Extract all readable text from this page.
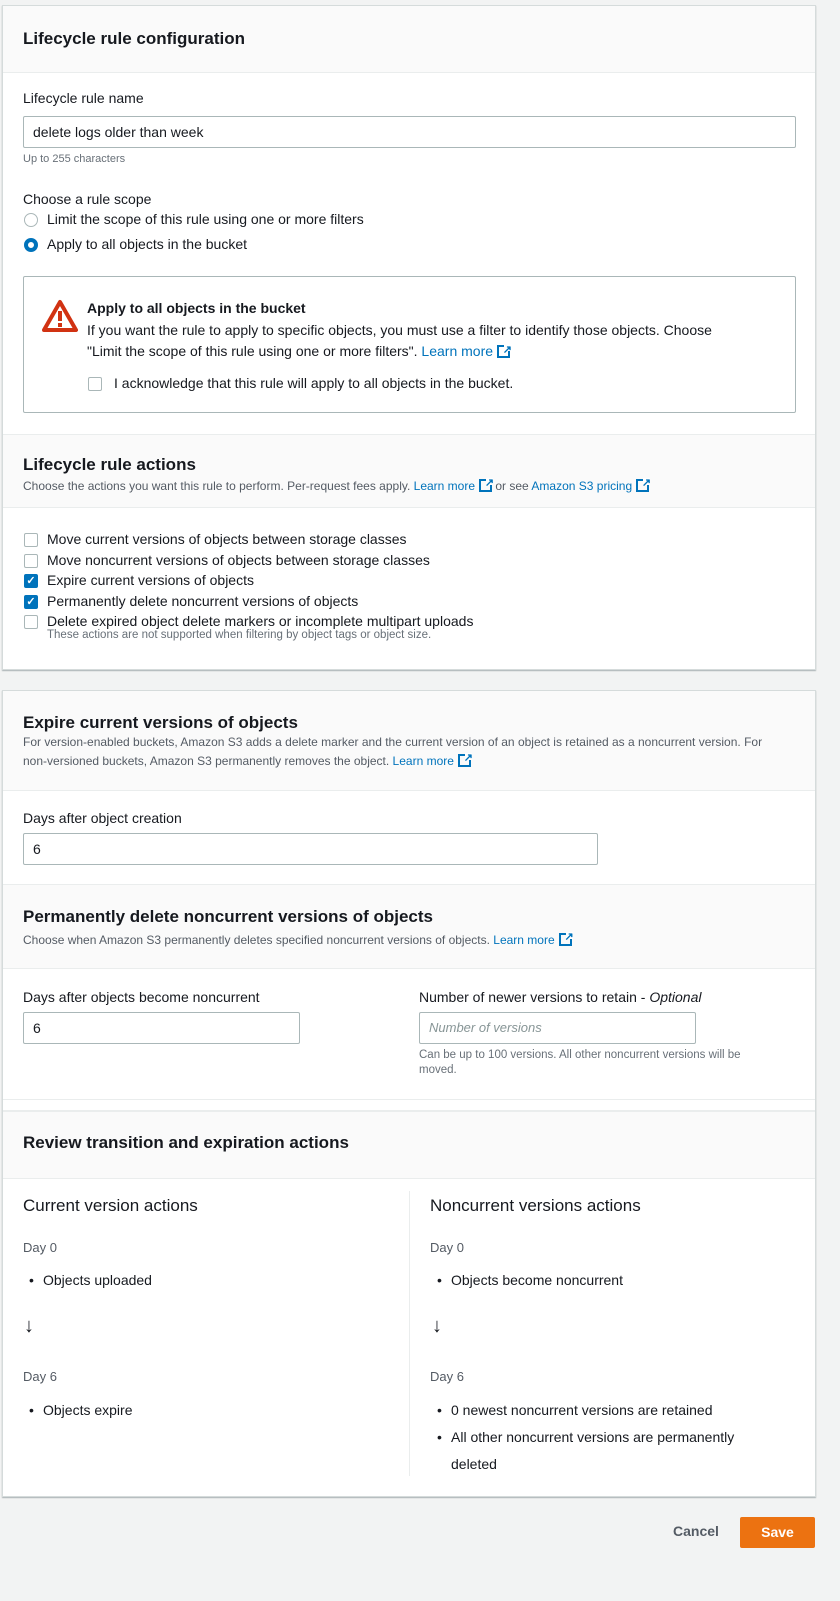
Lifecycle rule configuration
Lifecycle rule name
delete logs older than week
Up to 255 characters
Choose a rule scope
Limit the scope of this rule using one or more filters
Apply to all objects in the bucket
Apply to all objects in the bucket
If you want the rule to apply to specific objects, you must use a filter to identify those objects. Choose
"Limit the scope of this rule using one or more filters". Learn more↗
I acknowledge that this rule will apply to all objects in the bucket.
Lifecycle rule actions
Choose the actions you want this rule to perform. Per-request fees apply. Learn more ↗ or see Amazon S3 pricing↗
Move current versions of objects between storage classes
Move noncurrent versions of objects between storage classes
✓ Expire current versions of objects
✓ Permanently delete noncurrent versions of objects
Delete expired object delete markers or incomplete multipart uploads
These actions are not supported when filtering by object tags or object size.
Expire current versions of objects
For version-enabled buckets, Amazon S3 adds a delete marker and the current version of an object is retained as a noncurrent version. For
non-versioned buckets, Amazon S3 permanently removes the object. Learn more↗
Days after object creation
6
Permanently delete noncurrent versions of objects
Choose when Amazon S3 permanently deletes specified noncurrent versions of objects. Learn more↗
Days after objects become noncurrent
6
Number of newer versions to retain - Optional
Number of versions
Can be up to 100 versions. All other noncurrent versions will be
moved.
Review transition and expiration actions
Current version actions
Day 0
• Objects uploaded
↓
Day 6
• Objects expire
Noncurrent versions actions
Day 0
• Objects become noncurrent
↓
Day 6
• 0 newest noncurrent versions are retained
• All other noncurrent versions are permanently
deleted
Cancel	Save
